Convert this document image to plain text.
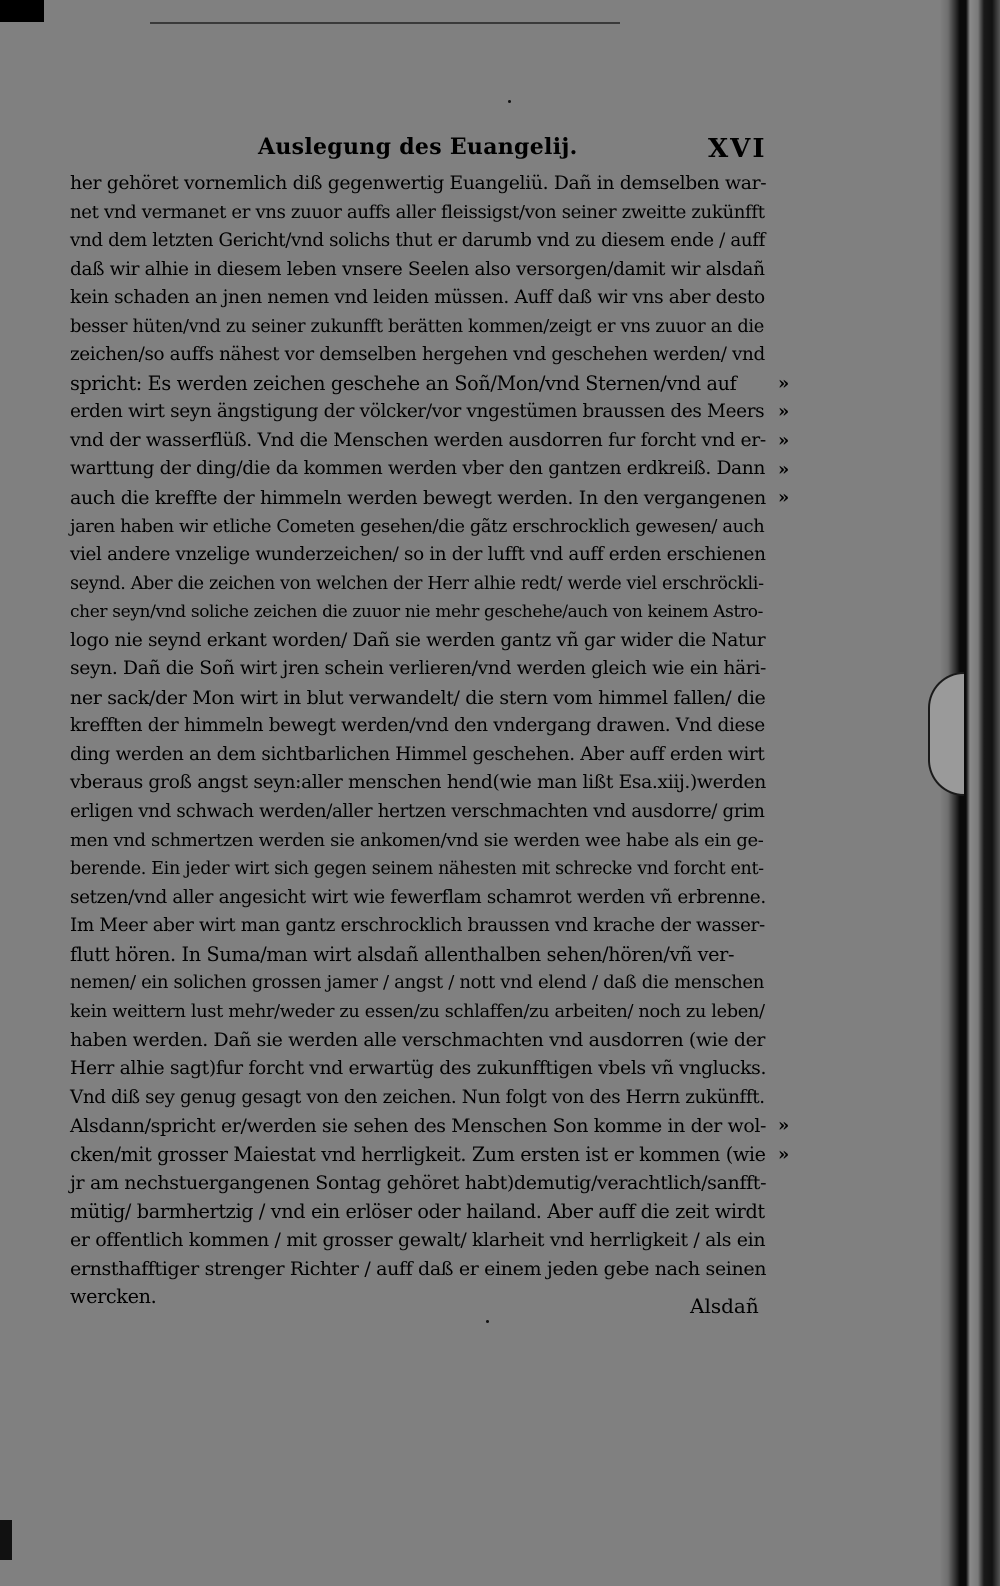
Auslegung des Euangelij.	XVI
her gehöret vornemlich diß gegenwertig Euangeliü. Dañ in demselben war-
net vnd vermanet er vns zuuor auffs aller fleissigst/von seiner zweitte zukünfft
vnd dem letzten Gericht/vnd solichs thut er darumb vnd zu diesem ende / auff
daß wir alhie in diesem leben vnsere Seelen also versorgen/damit wir alsdañ
kein schaden an jnen nemen vnd leiden müssen. Auff daß wir vns aber desto
besser hüten/vnd zu seiner zukunfft berätten kommen/zeigt er vns zuuor an die
zeichen/so auffs nähest vor demselben hergehen vnd geschehen werden/ vnd
spricht: Es werden zeichen geschehe an Soñ/Mon/vnd Sternen/vnd auf
erden wirt seyn ängstigung der völcker/vor vngestümen braussen des Meers
vnd der wasserflüß. Vnd die Menschen werden ausdorren fur forcht vnd er-
warttung der ding/die da kommen werden vber den gantzen erdkreiß. Dann
auch die kreffte der himmeln werden bewegt werden. In den vergangenen
jaren haben wir etliche Cometen gesehen/die gãtz erschrocklich gewesen/ auch
viel andere vnzelige wunderzeichen/ so in der lufft vnd auff erden erschienen
seynd. Aber die zeichen von welchen der Herr alhie redt/ werde viel erschröckli-
cher seyn/vnd soliche zeichen die zuuor nie mehr geschehe/auch von keinem Astro-
logo nie seynd erkant worden/ Dañ sie werden gantz vñ gar wider die Natur
seyn. Dañ die Soñ wirt jren schein verlieren/vnd werden gleich wie ein häri-
ner sack/der Mon wirt in blut verwandelt/ die stern vom himmel fallen/ die
krefften der himmeln bewegt werden/vnd den vndergang drawen. Vnd diese
ding werden an dem sichtbarlichen Himmel geschehen. Aber auff erden wirt
vberaus groß angst seyn:aller menschen hend(wie man lißt Esa.xiij.)werden
erligen vnd schwach werden/aller hertzen verschmachten vnd ausdorre/ grim
men vnd schmertzen werden sie ankomen/vnd sie werden wee habe als ein ge-
berende. Ein jeder wirt sich gegen seinem nähesten mit schrecke vnd forcht ent-
setzen/vnd aller angesicht wirt wie fewerflam schamrot werden vñ erbrenne.
Im Meer aber wirt man gantz erschrocklich braussen vnd krache der wasser-
flutt hören. In Suma/man wirt alsdañ allenthalben sehen/hören/vñ ver-
nemen/ ein solichen grossen jamer / angst / nott vnd elend / daß die menschen
kein weittern lust mehr/weder zu essen/zu schlaffen/zu arbeiten/ noch zu leben/
haben werden. Dañ sie werden alle verschmachten vnd ausdorren (wie der
Herr alhie sagt)fur forcht vnd erwartüg des zukunfftigen vbels vñ vnglucks.
Vnd diß sey genug gesagt von den zeichen. Nun folgt von des Herrn zukünfft.
Alsdann/spricht er/werden sie sehen des Menschen Son komme in der wol-
cken/mit grosser Maiestat vnd herrligkeit. Zum ersten ist er kommen (wie
jr am nechstuergangenen Sontag gehöret habt)demutig/verachtlich/sanfft-
mütig/ barmhertzig / vnd ein erlöser oder hailand. Aber auff die zeit wirdt
er offentlich kommen / mit grosser gewalt/ klarheit vnd herrligkeit / als ein
ernsthafftiger strenger Richter / auff daß er einem jeden gebe nach seinen
wercken.
»
»
»
»
»
»
»
Alsdañ
